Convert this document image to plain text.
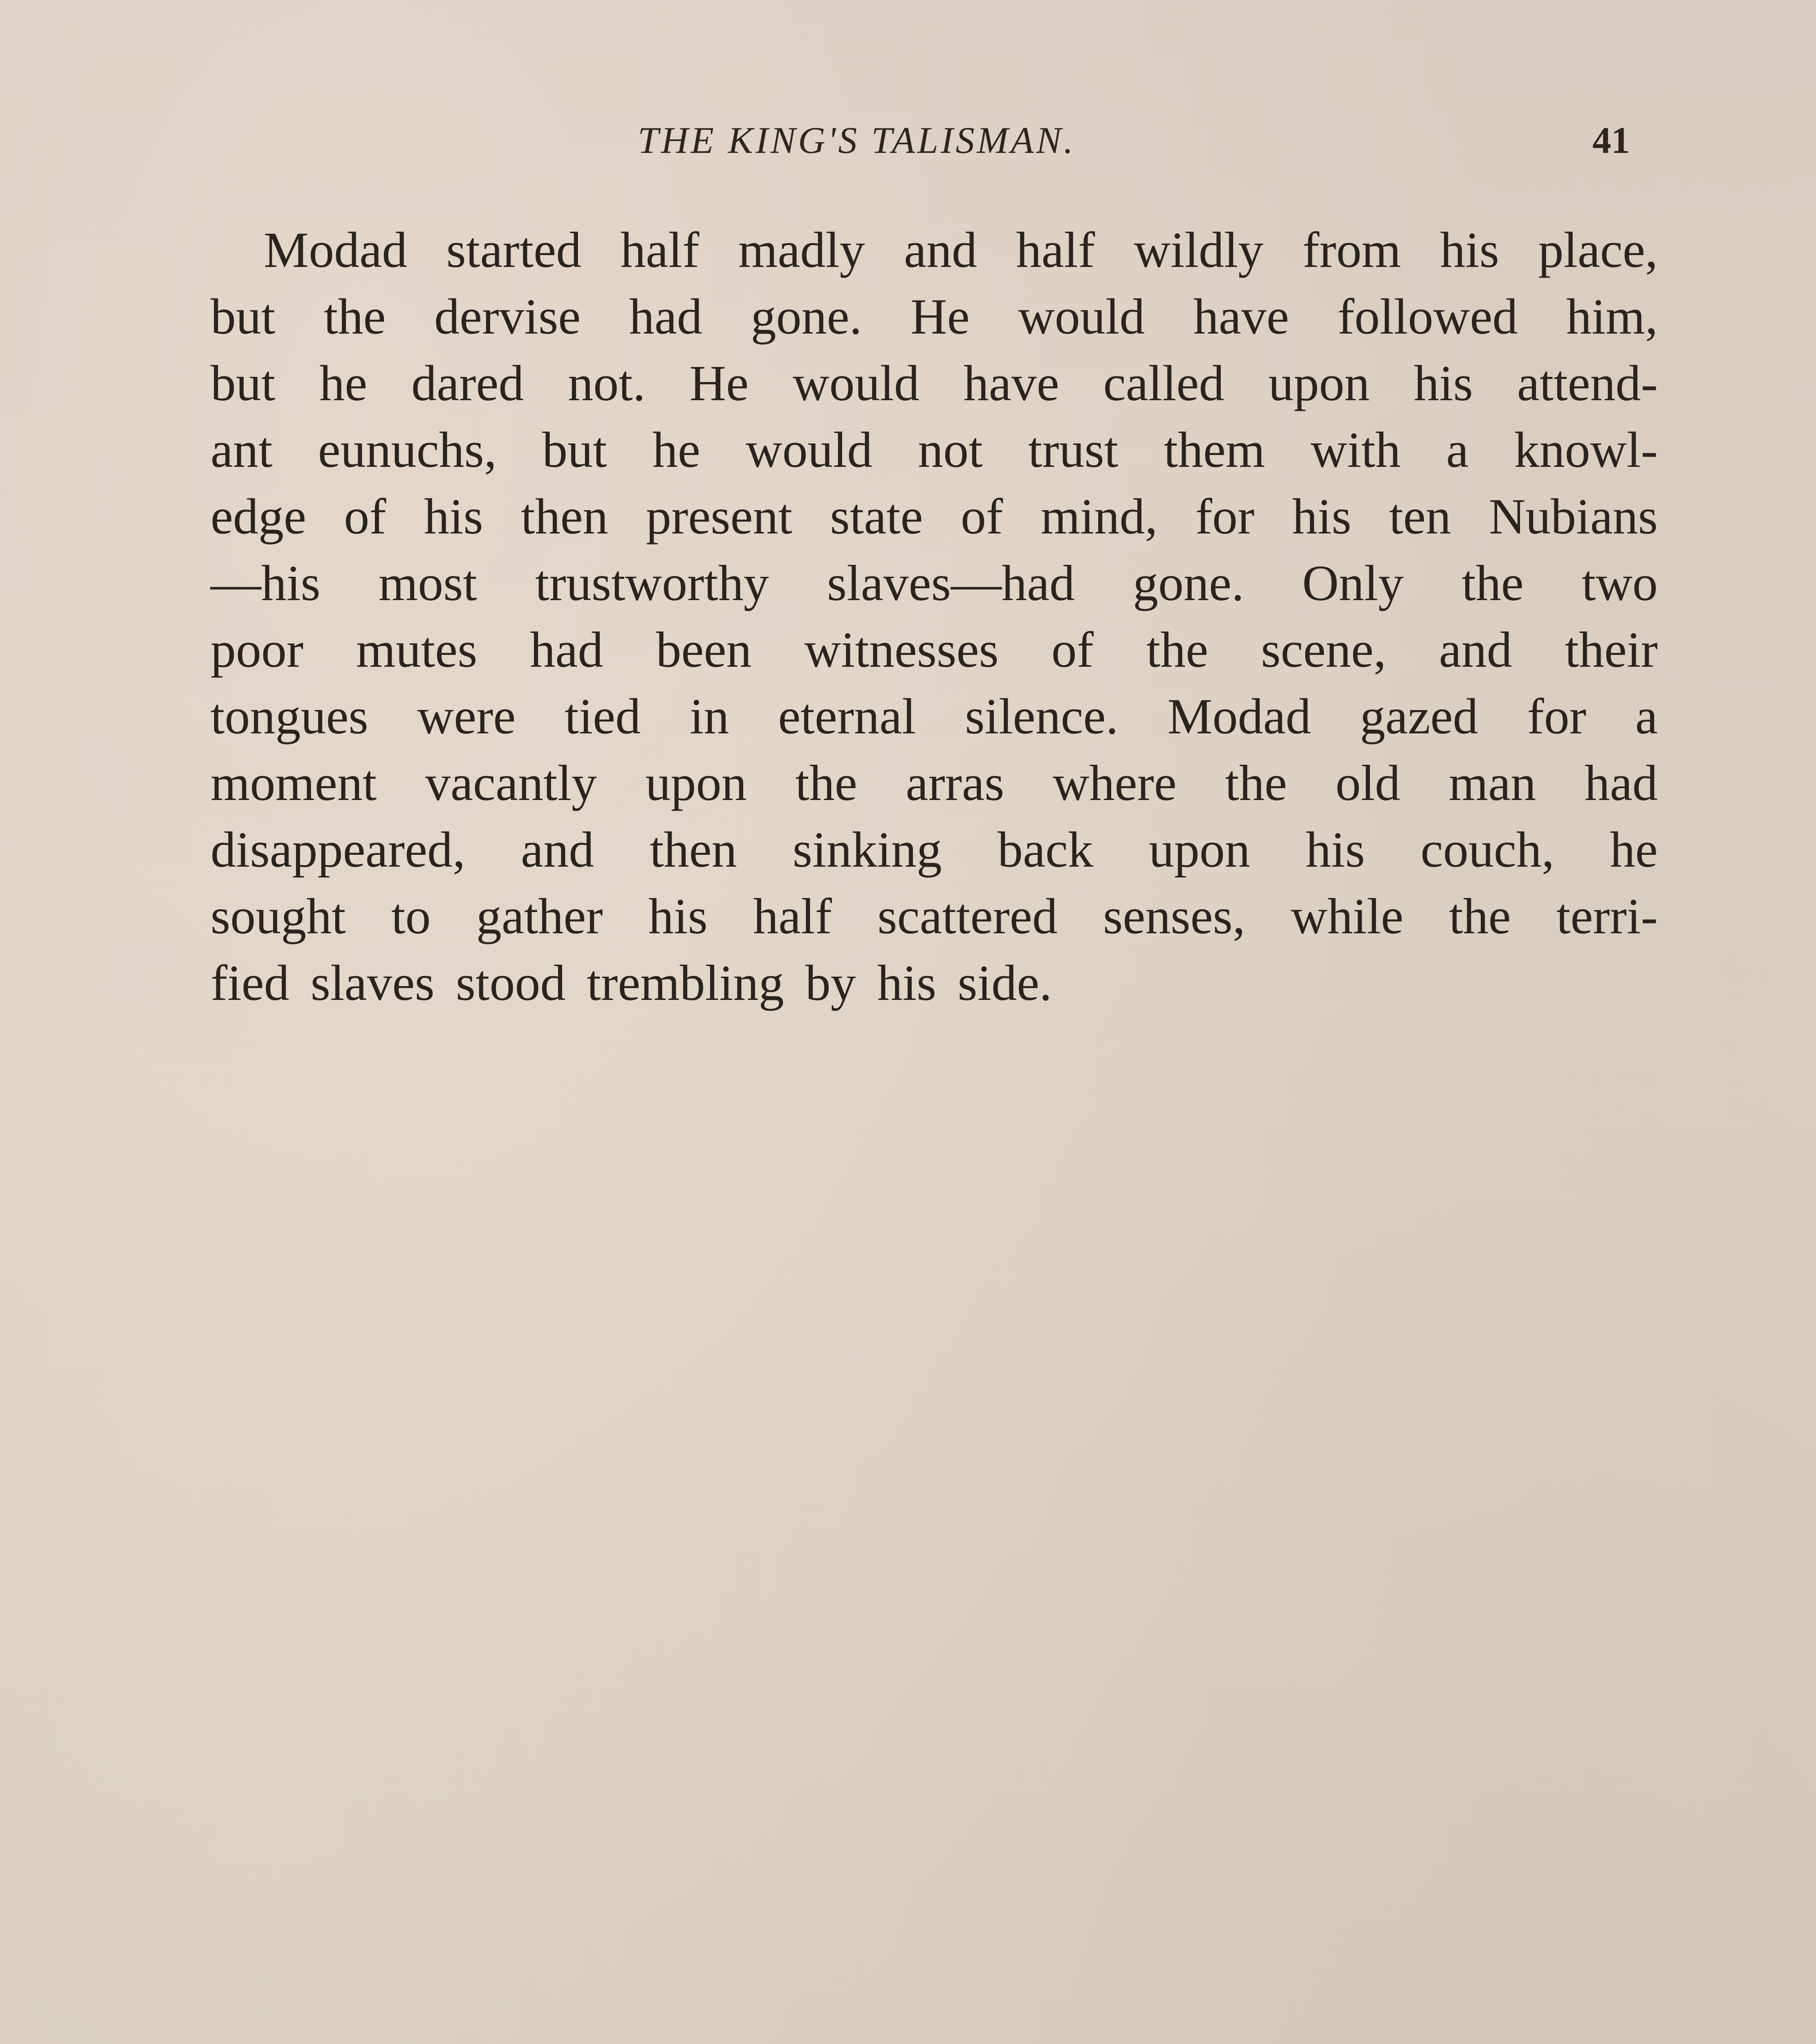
THE KING'S TALISMAN.	41
Modad started half madly and half wildly from his place,
but the dervise had gone. He would have followed him,
but he dared not. He would have called upon his attend-
ant eunuchs, but he would not trust them with a knowl-
edge of his then present state of mind, for his ten Nubians
—his most trustworthy slaves—had gone. Only the two
poor mutes had been witnesses of the scene, and their
tongues were tied in eternal silence. Modad gazed for a
moment vacantly upon the arras where the old man had
disappeared, and then sinking back upon his couch, he
sought to gather his half scattered senses, while the terri-
fied slaves stood trembling by his side.
